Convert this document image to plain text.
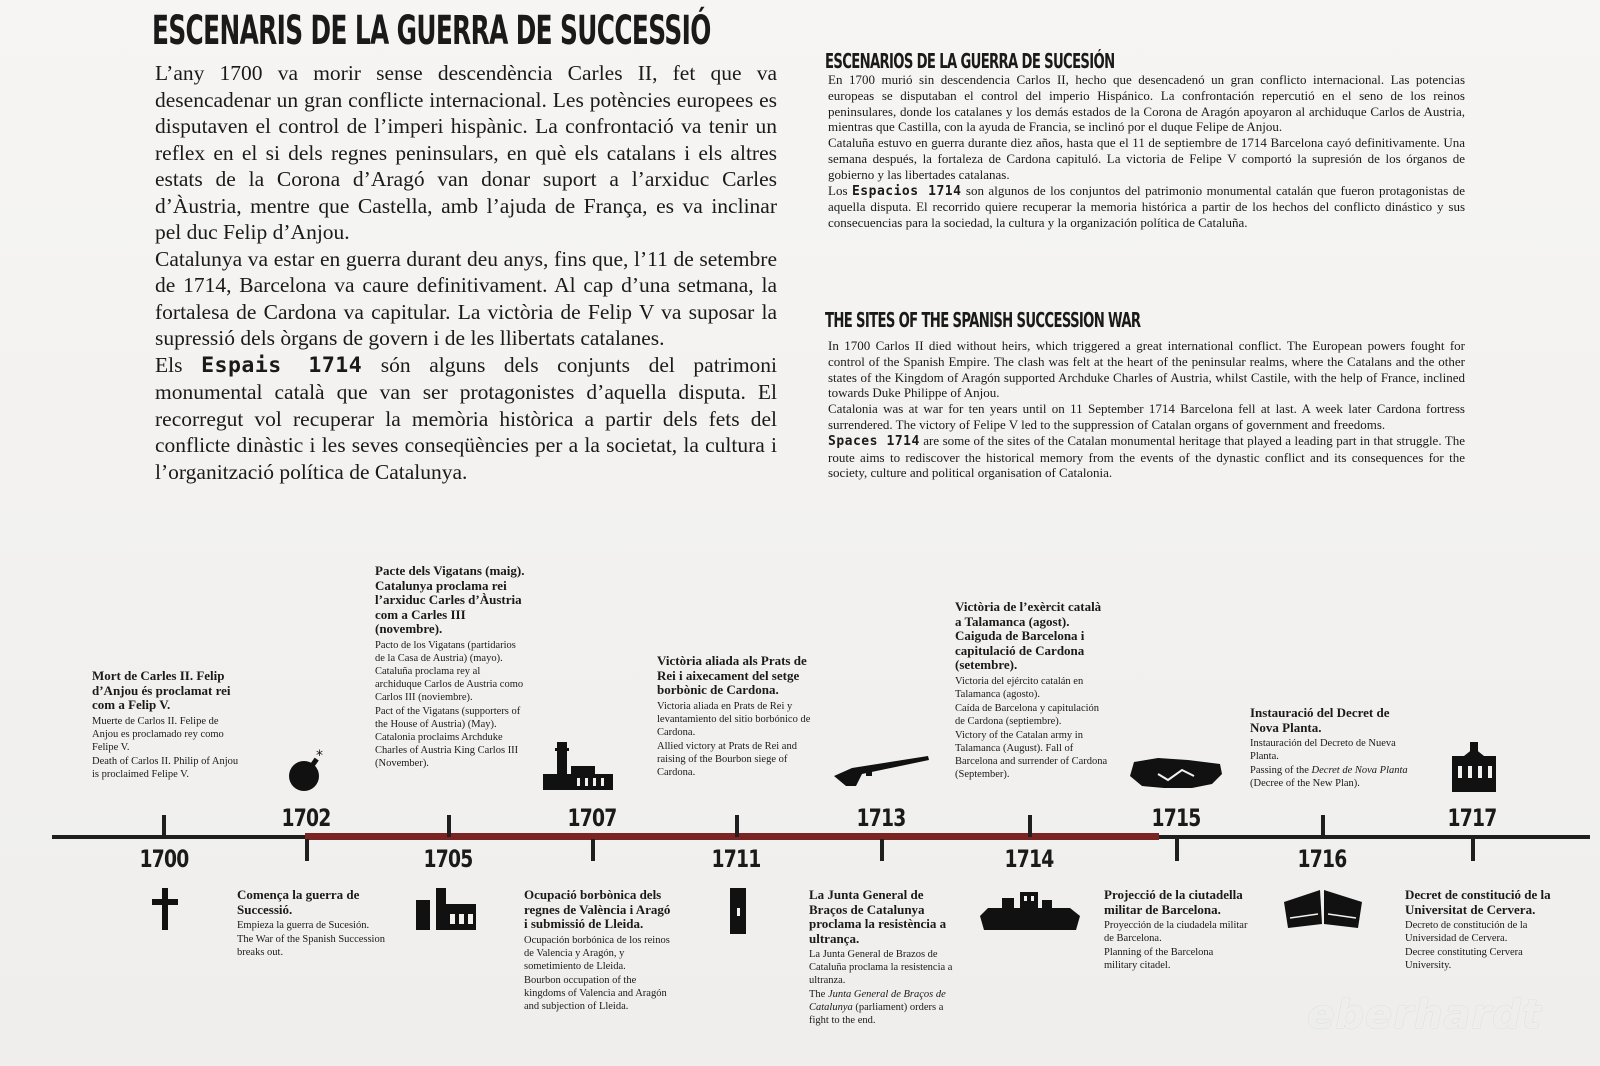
ESCENARIS DE LA GUERRA DE SUCCESSIÓ

L’any 1700 va morir sense descendència Carles II, fet que va desencadenar un gran conflicte internacional. Les potències europees es disputaven el control de l’imperi hispànic. La confrontació va tenir un reflex en el si dels regnes peninsulars, en què els catalans i els altres estats de la Corona d’Aragó van donar suport a l’arxiduc Carles d’Àustria, mentre que Castella, amb l’ajuda de França, es va inclinar pel duc Felip d’Anjou.

Catalunya va estar en guerra durant deu anys, fins que, l’11 de setembre de 1714, Barcelona va caure definitivament. Al cap d’una setmana, la fortalesa de Cardona va capitular. La victòria de Felip V va suposar la supressió dels òrgans de govern i de les llibertats catalanes.

Els Espais 1714 són alguns dels conjunts del patrimoni monumental català que van ser protagonistes d’aquella disputa. El recorregut vol recuperar la memòria històrica a partir dels fets del conflicte dinàstic i les seves conseqüències per a la societat, la cultura i l’organització política de Catalunya.

ESCENARIOS DE LA GUERRA DE SUCESIÓN

En 1700 murió sin descendencia Carlos II, hecho que desencadenó un gran conflicto internacional. Las potencias europeas se disputaban el control del imperio Hispánico. La confrontación repercutió en el seno de los reinos peninsulares, donde los catalanes y los demás estados de la Corona de Aragón apoyaron al archiduque Carlos de Austria, mientras que Castilla, con la ayuda de Francia, se inclinó por el duque Felipe de Anjou.

Cataluña estuvo en guerra durante diez años, hasta que el 11 de septiembre de 1714 Barcelona cayó definitivamente. Una semana después, la fortaleza de Cardona capituló. La victoria de Felipe V comportó la supresión de los órganos de gobierno y las libertades catalanas.

Los Espacios 1714 son algunos de los conjuntos del patrimonio monumental catalán que fueron protagonistas de aquella disputa. El recorrido quiere recuperar la memoria histórica a partir de los hechos del conflicto dinástico y sus consecuencias para la sociedad, la cultura y la organización política de Cataluña.

THE SITES OF THE SPANISH SUCCESSION WAR

In 1700 Carlos II died without heirs, which triggered a great international conflict. The European powers fought for control of the Spanish Empire. The clash was felt at the heart of the peninsular realms, where the Catalans and the other states of the Kingdom of Aragón supported Archduke Charles of Austria, whilst Castile, with the help of France, inclined towards Duke Philippe of Anjou.

Catalonia was at war for ten years until on 11 September 1714 Barcelona fell at last. A week later Cardona fortress surrendered. The victory of Felipe V led to the suppression of Catalan organs of government and freedoms.

Spaces 1714 are some of the sites of the Catalan monumental heritage that played a leading part in that struggle. The route aims to rediscover the historical memory from the events of the dynastic conflict and its consequences for the society, culture and political organisation of Catalonia.

1700
1702
1705
1707
1711
1713
1714
1715
1716
1717
*
Mort de Carles II. Felip d’Anjou és proclamat rei com a Felip V.

Muerte de Carlos II. Felipe de Anjou es proclamado rey como Felipe V.

Death of Carlos II. Philip of Anjou is proclaimed Felipe V.

Comença la guerra de Successió.

Empieza la guerra de Sucesión.

The War of the Spanish Succession breaks out.

Pacte dels Vigatans (maig). Catalunya proclama rei l’arxiduc Carles d’Àustria com a Carles III (novembre).

Pacto de los Vigatans (partidarios de la Casa de Austria) (mayo). Cataluña proclama rey al archiduque Carlos de Austria como Carlos III (noviembre).

Pact of the Vigatans (supporters of the House of Austria) (May). Catalonia proclaims Archduke Charles of Austria King Carlos III (November).

Ocupació borbònica dels regnes de València i Aragó i submissió de Lleida.

Ocupación borbónica de los reinos de Valencia y Aragón, y sometimiento de Lleida.

Bourbon occupation of the kingdoms of Valencia and Aragón and subjection of Lleida.

Victòria aliada als Prats de Rei i aixecament del setge borbònic de Cardona.

Victoria aliada en Prats de Rei y levantamiento del sitio borbónico de Cardona.

Allied victory at Prats de Rei and raising of the Bourbon siege of Cardona.

La Junta General de Braços de Catalunya proclama la resistència a ultrança.

La Junta General de Brazos de Cataluña proclama la resistencia a ultranza.

The Junta General de Braços de Catalunya (parliament) orders a fight to the end.

Victòria de l’exèrcit català a Talamanca (agost). Caiguda de Barcelona i capitulació de Cardona (setembre).

Victoria del ejército catalán en Talamanca (agosto).

Caída de Barcelona y capitulación de Cardona (septiembre).

Victory of the Catalan army in Talamanca (August). Fall of Barcelona and surrender of Cardona (September).

Projecció de la ciutadella militar de Barcelona.

Proyección de la ciudadela militar de Barcelona.

Planning of the Barcelona military citadel.

Instauració del Decret de Nova Planta.

Instauración del Decreto de Nueva Planta.

Passing of the Decret de Nova Planta (Decree of the New Plan).

Decret de constitució de la Universitat de Cervera.

Decreto de constitución de la Universidad de Cervera.

Decree constituting Cervera University.

eberhardt
